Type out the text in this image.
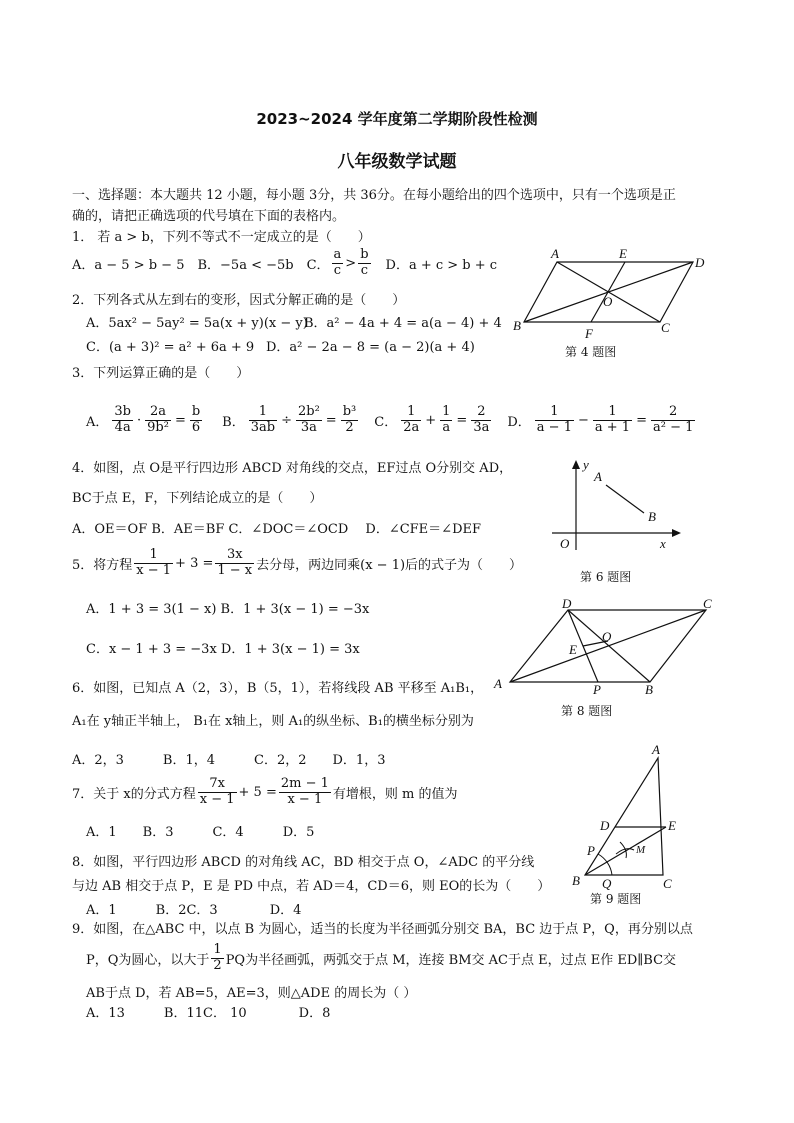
2023~2024 学年度第二学期阶段性检测
八年级数学试题
一、选择题：本大题共 12 小题，每小题 3分，共 36分。在每小题给出的四个选项中，只有一个选项是正
确的，请把正确选项的代号填在下面的表格内。
1． 若 a > b，下列不等式不一定成立的是（　　）
A．a − 5 > b − 5　B．−5a < −5b　C． $\frac{a}{c} > \frac{b}{c}$ 　D．a + c > b + c
2．下列各式从左到右的变形，因式分解正确的是（　　）
A．5ax² − 5ay² = 5a(x + y)(x − y)
B．a² − 4a + 4 = a(a − 4) + 4
C．(a + 3)² = a² + 6a + 9 D．a² − 2a − 8 = (a − 2)(a + 4)
3．下列运算正确的是（　　）
A． $\frac{3b}{4a} \cdot \frac{2a}{\text{9b²}} = \frac{b}{6}$ B． $\frac{1}{3ab} \div \frac{\text{2b²}}{3a} = \frac{\text{b³}}{2}$ C． $\frac{1}{2a} + \frac{1}{a} = \frac{2}{3a}$ D． $\frac{1}{a - 1} - \frac{1}{a + 1} = \frac{2}{\text{a² − 1}}$
4．如图，点 O是平行四边形 ABCD 对角线的交点，EF过点 O分别交 AD，
BC于点 E，F，下列结论成立的是（　　）
A．OE＝OF B．AE＝BF C．∠DOC＝∠OCD　 D．∠CFE＝∠DEF
5．将方程 $\frac{1}{x - 1} + 3 = \frac{3x}{1 - x}$ 去分母，两边同乘(x − 1)后的式子为（　　）
A．1 + 3 = 3(1 − x) B．1 + 3(x − 1) = −3x
C．x − 1 + 3 = −3x D．1 + 3(x − 1) = 3x
6．如图，已知点 A（2，3），B（5，1），若将线段 AB 平移至 A₁B₁，
A₁在 y轴正半轴上， B₁在 x轴上，则 A₁的纵坐标、B₁的横坐标分别为
A．2，3　　　B．1，4　　　C．2，2　　D．1，3
7．关于 x的分式方程 $\frac{7x}{x - 1} + 5 = \frac{2m - 1}{x - 1}$ 有增根，则 m 的值为
A．1　　B．3　　　C．4　　　D．5
8．如图，平行四边形 ABCD 的对角线 AC，BD 相交于点 O，∠ADC 的平分线
与边 AB 相交于点 P，E 是 PD 中点，若 AD＝4，CD＝6，则 EO的长为（　　）
A．1　　　B．2C．3　　　　D．4
9．如图，在△ABC 中，以点 B 为圆心，适当的长度为半径画弧分别交 BA，BC 边于点 P，Q，再分别以点
P，Q为圆心，以大于 $\frac{1}{2}$ PQ为半径画弧，两弧交于点 M，连接 BM交 AC于点 E，过点 E作 ED∥BC交
AB于点 D，若 AB=5，AE=3，则△ADE 的周长为（ ）
A．13　　　B．11C． 10　　　　D．8
A	E
D
O
B
F	C
第 4 题图
y
A
B
O	x
第 6 题图
D	C
O
E
A	P	B
第 8 题图
A
D	E
P	M
B Q	C
第 9 题图
